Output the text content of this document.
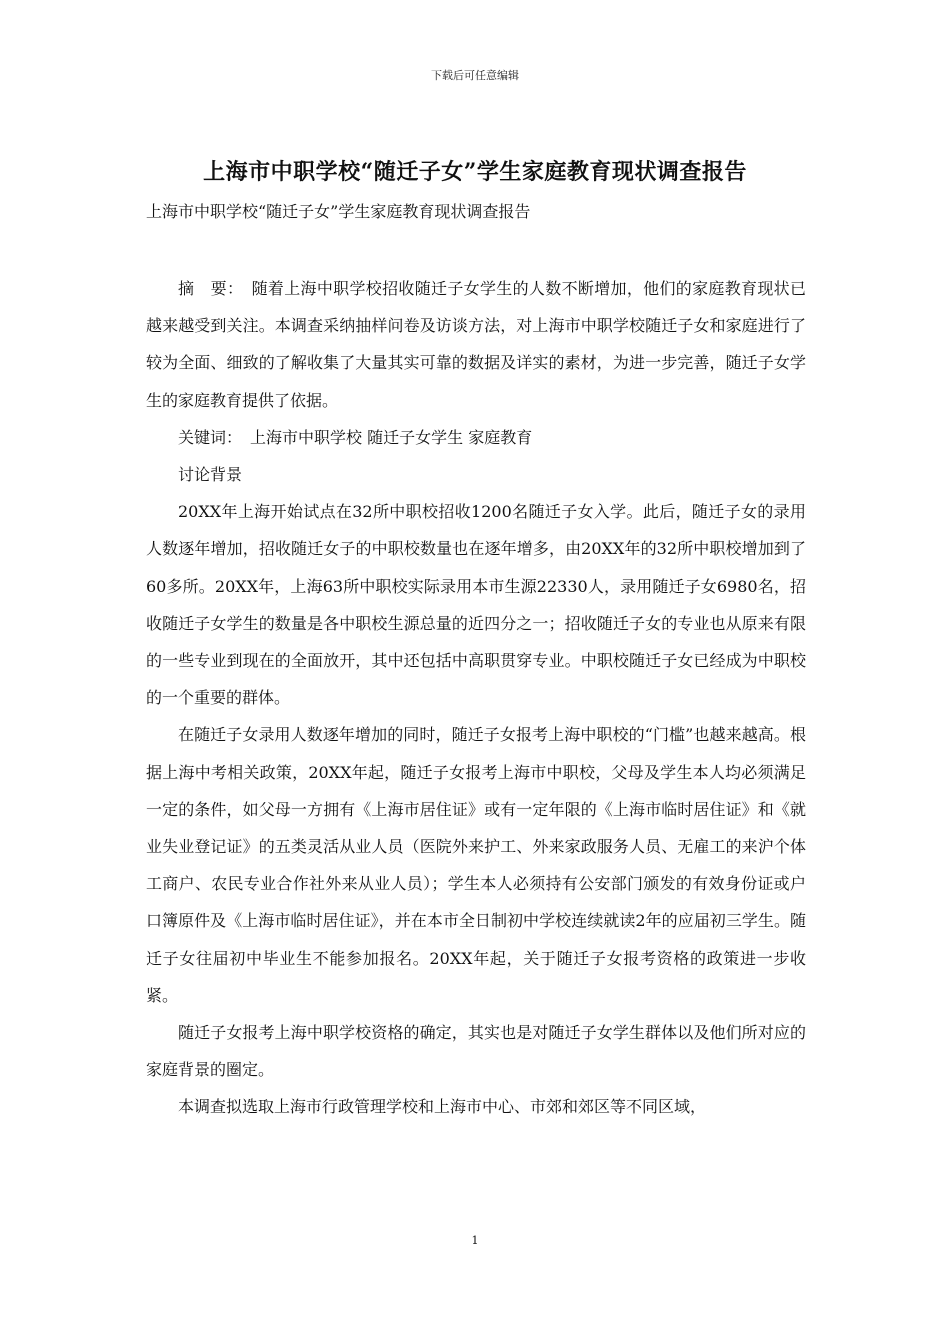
下载后可任意编辑
上海市中职学校“随迁子女”学生家庭教育现状调查报告
上海市中职学校“随迁子女”学生家庭教育现状调查报告

摘　要：  随着上海中职学校招收随迁子女学生的人数不断增加，他们的家庭教育现状已越来越受到关注。本调查采纳抽样问卷及访谈方法，对上海市中职学校随迁子女和家庭进行了较为全面、细致的了解收集了大量其实可靠的数据及详实的素材，为进一步完善，随迁子女学生的家庭教育提供了依据。

关键词：  上海市中职学校 随迁子女学生 家庭教育

讨论背景

20XX年上海开始试点在32所中职校招收1200名随迁子女入学。此后，随迁子女的录用人数逐年增加，招收随迁女子的中职校数量也在逐年增多，由20XX年的32所中职校增加到了60多所。20XX年，上海63所中职校实际录用本市生源22330人，录用随迁子女6980名，招收随迁子女学生的数量是各中职校生源总量的近四分之一；招收随迁子女的专业也从原来有限的一些专业到现在的全面放开，其中还包括中高职贯穿专业。中职校随迁子女已经成为中职校的一个重要的群体。

在随迁子女录用人数逐年增加的同时，随迁子女报考上海中职校的“门槛”也越来越高。根据上海中考相关政策，20XX年起，随迁子女报考上海市中职校，父母及学生本人均必须满足一定的条件，如父母一方拥有《上海市居住证》或有一定年限的《上海市临时居住证》和《就业失业登记证》的五类灵活从业人员（医院外来护工、外来家政服务人员、无雇工的来沪个体工商户、农民专业合作社外来从业人员）；学生本人必须持有公安部门颁发的有效身份证或户口簿原件及《上海市临时居住证》，并在本市全日制初中学校连续就读2年的应届初三学生。随迁子女往届初中毕业生不能参加报名。20XX年起，关于随迁子女报考资格的政策进一步收紧。

随迁子女报考上海中职学校资格的确定，其实也是对随迁子女学生群体以及他们所对应的家庭背景的圈定。

本调查拟选取上海市行政管理学校和上海市中心、市郊和郊区等不同区域，

1
